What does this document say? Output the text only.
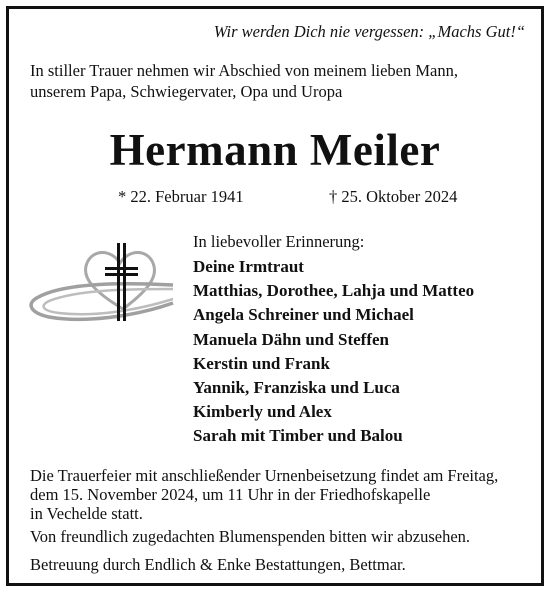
Wir werden Dich nie vergessen: „Machs Gut!“
In stiller Trauer nehmen wir Abschied von meinem lieben Mann,
unserem Papa, Schwiegervater, Opa und Uropa
Hermann Meiler
* 22. Februar 1941	† 25. Oktober 2024
In liebevoller Erinnerung:
Deine Irmtraut
Matthias, Dorothee, Lahja und Matteo
Angela Schreiner und Michael
Manuela Dähn und Steffen
Kerstin und Frank
Yannik, Franziska und Luca
Kimberly und Alex
Sarah mit Timber und Balou
Die Trauerfeier mit anschließender Urnenbeisetzung findet am Freitag,
dem 15. November 2024, um 11 Uhr in der Friedhofskapelle
in Vechelde statt.
Von freundlich zugedachten Blumenspenden bitten wir abzusehen.
Betreuung durch Endlich & Enke Bestattungen, Bettmar.
